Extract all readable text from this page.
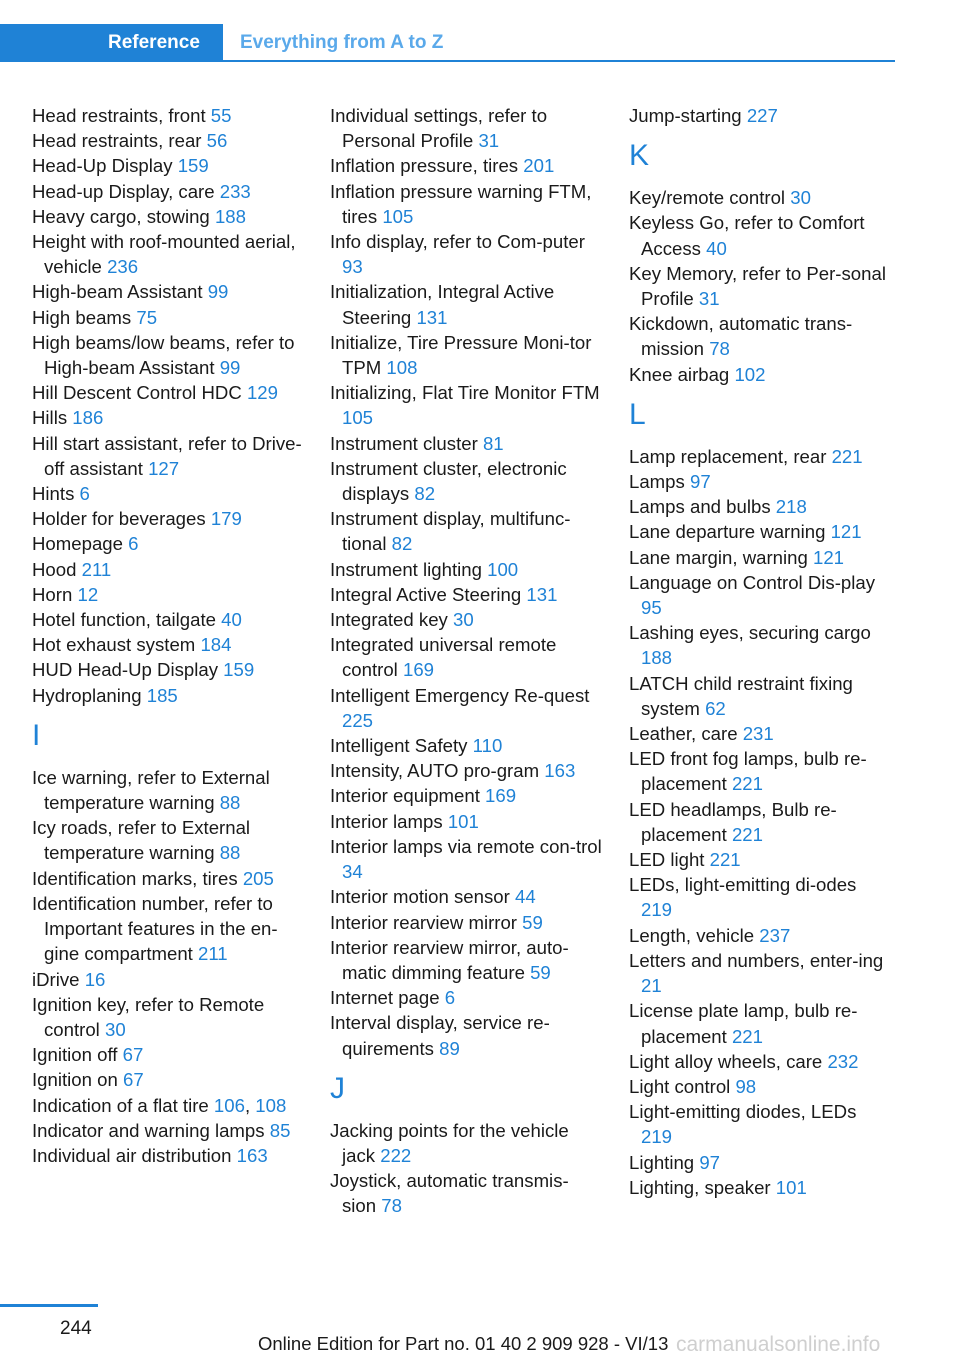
Reference	Everything from A to Z
Head restraints, front 55
Head restraints, rear 56
Head-Up Display 159
Head-up Display, care 233
Heavy cargo, stowing 188
Height with roof-mounted aerial, vehicle 236
High-beam Assistant 99
High beams 75
High beams/low beams, refer to High-beam Assistant 99
Hill Descent Control HDC 129
Hills 186
Hill start assistant, refer to Drive-off assistant 127
Hints 6
Holder for beverages 179
Homepage 6
Hood 211
Horn 12
Hotel function, tailgate 40
Hot exhaust system 184
HUD Head-Up Display 159
Hydroplaning 185
I
Ice warning, refer to External temperature warning 88
Icy roads, refer to External temperature warning 88
Identification marks, tires 205
Identification number, refer to Important features in the en‐gine compartment 211
iDrive 16
Ignition key, refer to Remote control 30
Ignition off 67
Ignition on 67
Indication of a flat tire 106, 108
Indicator and warning lamps 85
Individual air distribution 163
Individual settings, refer to Personal Profile 31
Inflation pressure, tires 201
Inflation pressure warning FTM, tires 105
Info display, refer to Com‐puter 93
Initialization, Integral Active Steering 131
Initialize, Tire Pressure Moni‐tor TPM 108
Initializing, Flat Tire Monitor FTM 105
Instrument cluster 81
Instrument cluster, electronic displays 82
Instrument display, multifunc‐tional 82
Instrument lighting 100
Integral Active Steering 131
Integrated key 30
Integrated universal remote control 169
Intelligent Emergency Re‐quest 225
Intelligent Safety 110
Intensity, AUTO pro‐gram 163
Interior equipment 169
Interior lamps 101
Interior lamps via remote con‐trol 34
Interior motion sensor 44
Interior rearview mirror 59
Interior rearview mirror, auto‐matic dimming feature 59
Internet page 6
Interval display, service re‐quirements 89
J
Jacking points for the vehicle jack 222
Joystick, automatic transmis‐sion 78
Jump-starting 227
K
Key/remote control 30
Keyless Go, refer to Comfort Access 40
Key Memory, refer to Per‐sonal Profile 31
Kickdown, automatic trans‐mission 78
Knee airbag 102
L
Lamp replacement, rear 221
Lamps 97
Lamps and bulbs 218
Lane departure warning 121
Lane margin, warning 121
Language on Control Dis‐play 95
Lashing eyes, securing cargo 188
LATCH child restraint fixing system 62
Leather, care 231
LED front fog lamps, bulb re‐placement 221
LED headlamps, Bulb re‐placement 221
LED light 221
LEDs, light-emitting di‐odes 219
Length, vehicle 237
Letters and numbers, enter‐ing 21
License plate lamp, bulb re‐placement 221
Light alloy wheels, care 232
Light control 98
Light-emitting diodes, LEDs 219
Lighting 97
Lighting, speaker 101
244
Online Edition for Part no. 01 40 2 909 928 - VI/13 carmanualsonline.info
